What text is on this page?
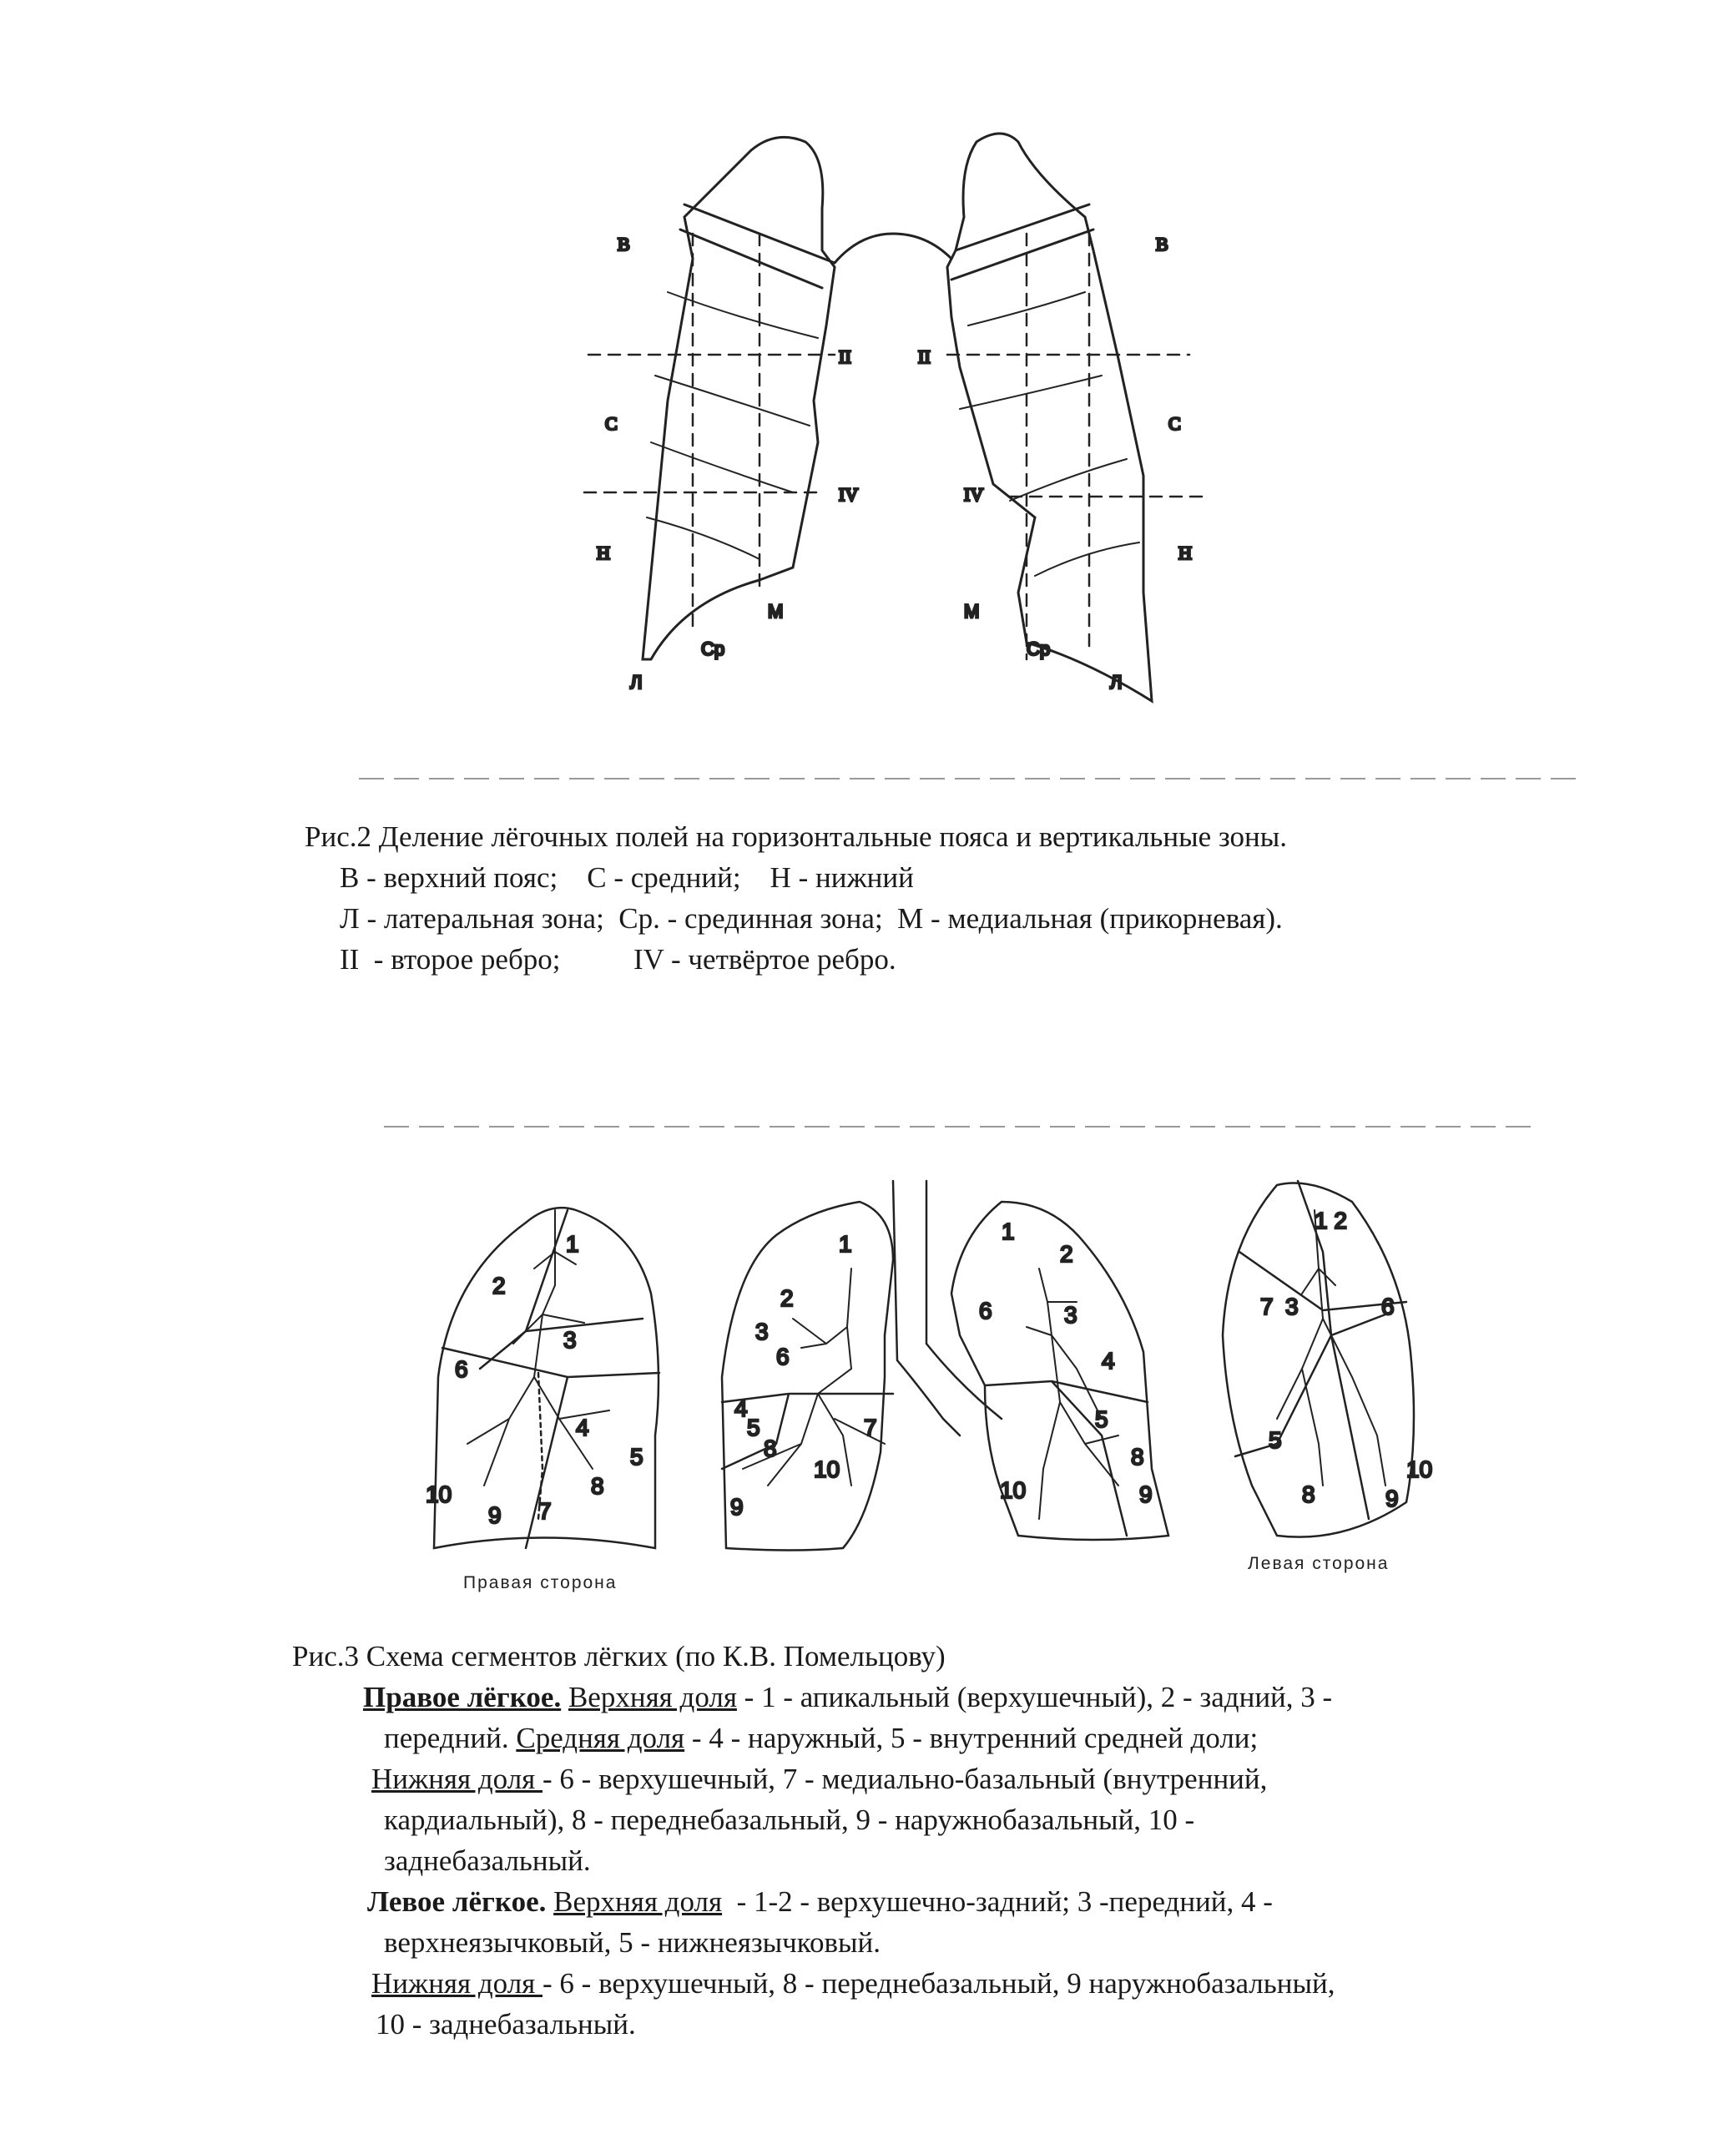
В	В
С	С
Н	Н
II	II
IV	IV
М	М
Ср	Ср
Л	Л
Рис.2 Деление лёгочных полей на горизонтальные пояса и вертикальные зоны.
В - верхний пояс;    С - средний;    Н - нижний
Л - латеральная зона;  Ср. - срединная зона;  М - медиальная (прикорневая).
II  - второе ребро;          IV - четвёртое ребро.
1
2
3
6
4
5
8
10
9 7
1
2
3
6
4
5
8
7
10
9
1
2
6	3
4
5
8
10	9
1 2
3
7	6
5
8	9
10
Правая сторона
Левая сторона
Рис.3 Схема сегментов лёгких (по К.В. Помельцову)
Правое лёгкое. Верхняя доля - 1 - апикальный (верхушечный), 2 - задний, 3 -
передний. Средняя доля - 4 - наружный, 5 - внутренний средней доли;
Нижняя доля - 6 - верхушечный, 7 - медиально-базальный (внутренний,
кардиальный), 8 - переднебазальный, 9 - наружнобазальный, 10 -
заднебазальный.
Левое лёгкое. Верхняя доля  - 1-2 - верхушечно-задний; 3 -передний, 4 -
верхнеязычковый, 5 - нижнеязычковый.
Нижняя доля - 6 - верхушечный, 8 - переднебазальный, 9 наружнобазальный,
10 - заднебазальный.
